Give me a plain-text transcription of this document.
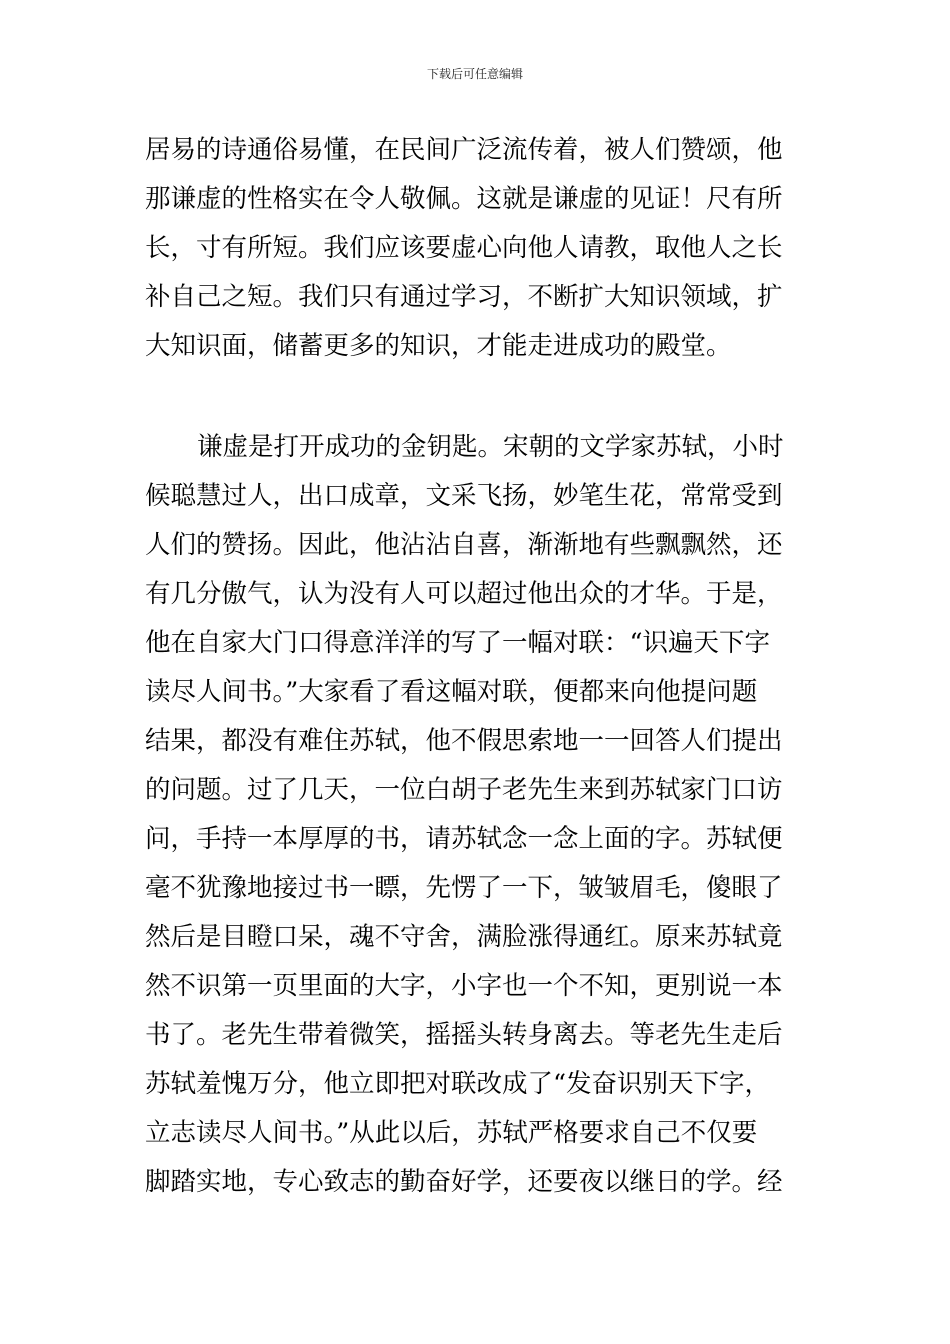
下载后可任意编辑
居易的诗通俗易懂，在民间广泛流传着，被人们赞颂，他
那谦虚的性格实在令人敬佩。这就是谦虚的见证！尺有所
长，寸有所短。我们应该要虚心向他人请教，取他人之长
补自己之短。我们只有通过学习，不断扩大知识领域，扩
大知识面，储蓄更多的知识，才能走进成功的殿堂。
谦虚是打开成功的金钥匙。宋朝的文学家苏轼，小时
候聪慧过人，出口成章，文采飞扬，妙笔生花，常常受到
人们的赞扬。因此，他沾沾自喜，渐渐地有些飘飘然，还
有几分傲气，认为没有人可以超过他出众的才华。于是，
他在自家大门口得意洋洋的写了一幅对联：“识遍天下字
读尽人间书。”大家看了看这幅对联，便都来向他提问题
结果，都没有难住苏轼，他不假思索地一一回答人们提出
的问题。过了几天，一位白胡子老先生来到苏轼家门口访
问，手持一本厚厚的书，请苏轼念一念上面的字。苏轼便
毫不犹豫地接过书一瞟，先愣了一下，皱皱眉毛，傻眼了
然后是目瞪口呆，魂不守舍，满脸涨得通红。原来苏轼竟
然不识第一页里面的大字，小字也一个不知，更别说一本
书了。老先生带着微笑，摇摇头转身离去。等老先生走后
苏轼羞愧万分，他立即把对联改成了“发奋识别天下字，
立志读尽人间书。”从此以后，苏轼严格要求自己不仅要
脚踏实地，专心致志的勤奋好学，还要夜以继日的学。经
